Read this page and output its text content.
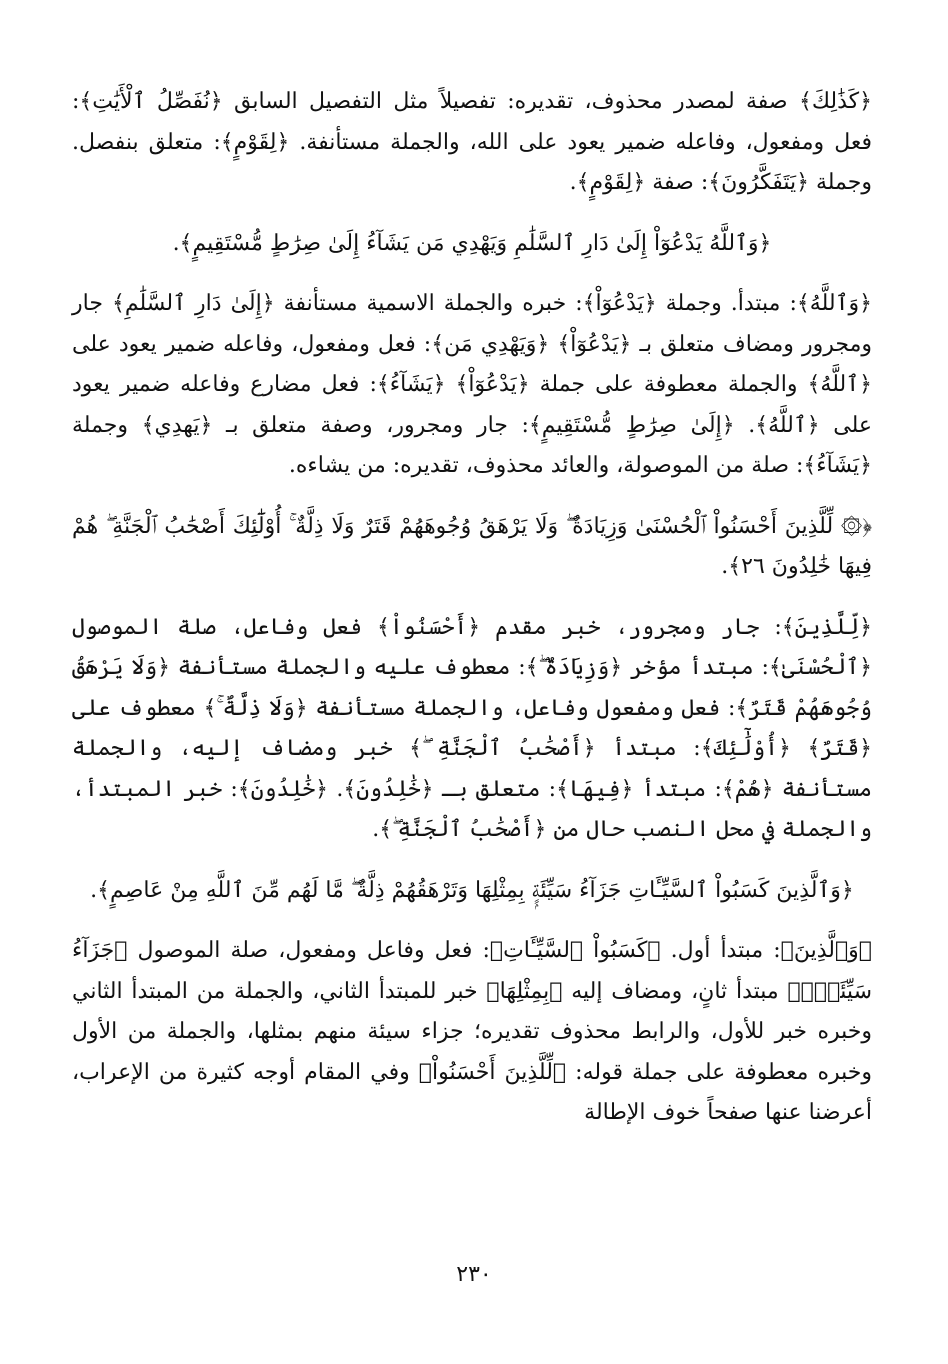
﴿كَذَٰلِكَ﴾ صفة لمصدر محذوف، تقديره: تفصيلاً مثل التفصيل السابق ﴿نُفَصِّلُ ٱلْأَيَٰتِ﴾: فعل ومفعول، وفاعله ضمير يعود على الله، والجملة مستأنفة. ﴿لِقَوْمٍ﴾: متعلق بنفصل. وجملة ﴿يَتَفَكَّرُونَ﴾: صفة ﴿لِقَوْمٍ﴾.

﴿وَٱللَّهُ يَدْعُوٓاْ إِلَىٰ دَارِ ٱلسَّلَٰمِ وَيَهْدِي مَن يَشَآءُ إِلَىٰ صِرَٰطٍ مُّسْتَقِيمٍ﴾.

﴿وَٱللَّهُ﴾: مبتدأ. وجملة ﴿يَدْعُوٓاْ﴾: خبره والجملة الاسمية مستأنفة ﴿إِلَىٰ دَارِ ٱلسَّلَٰمِ﴾ جار ومجرور ومضاف متعلق بـ ﴿يَدْعُوٓاْ﴾ ﴿وَيَهْدِي مَن﴾: فعل ومفعول، وفاعله ضمير يعود على ﴿ٱللَّهُ﴾ والجملة معطوفة على جملة ﴿يَدْعُوٓاْ﴾ ﴿يَشَآءُ﴾: فعل مضارع وفاعله ضمير يعود على ﴿ٱللَّهُ﴾. ﴿إِلَىٰ صِرَٰطٍ مُّسْتَقِيمٍ﴾: جار ومجرور، وصفة متعلق بـ ﴿يَهدِي﴾ وجملة ﴿يَشَآءُ﴾: صلة من الموصولة، والعائد محذوف، تقديره: من يشاءه.

﴿۞ لِّلَّذِينَ أَحْسَنُواْ ٱلْحُسْنَىٰ وَزِيَادَةٌ ۖ وَلَا يَرْهَقُ وُجُوهَهُمْ قَتَرٌ وَلَا ذِلَّةٌ ۚ أُوْلَٰٓئِكَ أَصْحَٰبُ ٱلْجَنَّةِ ۖ هُمْ فِيهَا خَٰلِدُونَ ٢٦﴾.

﴿لِّلَّذِينَ﴾: جار ومجرور، خبر مقدم ﴿أَحْسَنُواْ﴾ فعل وفاعل، صلة الموصول ﴿ٱلْحُسْنَىٰ﴾: مبتدأ مؤخر ﴿وَزِيَادَةٌ ۖ﴾: معطوف عليه والجملة مستأنفة ﴿وَلَا يَرْهَقُ وُجُوهَهُمْ قَتَرٌ﴾: فعل ومفعول وفاعل، والجملة مستأنفة ﴿وَلَا ذِلَّةٌ ۚ﴾ معطوف على ﴿قَتَرٌ﴾ ﴿أُوْلَٰٓئِكَ﴾: مبتدأ ﴿أَصْحَٰبُ ٱلْجَنَّةِ ۖ﴾ خبر ومضاف إليه، والجملة مستأنفة ﴿هُمْ﴾: مبتدأ ﴿فِيهَا﴾: متعلق بـ ﴿خَٰلِدُونَ﴾. ﴿خَٰلِدُونَ﴾: خبر المبتدأ، والجملة في محل النصب حال من ﴿أَصْحَٰبُ ٱلْجَنَّةِ ۖ﴾.

﴿وَٱلَّذِينَ كَسَبُواْ ٱلسَّيِّـَٔاتِ جَزَآءُ سَيِّئَةٍۭ بِمِثْلِهَا وَتَرْهَقُهُمْ ذِلَّةٌ ۖ مَّا لَهُم مِّنَ ٱللَّهِ مِنْ عَاصِمٍ﴾.

﴿وَٱلَّذِينَ﴾: مبتدأ أول. ﴿كَسَبُواْ ٱلسَّيِّـَٔاتِ﴾: فعل وفاعل ومفعول، صلة الموصول ﴿جَزَآءُ سَيِّئَةٍۭ﴾ مبتدأ ثانٍ، ومضاف إليه ﴿بِمِثْلِهَا﴾ خبر للمبتدأ الثاني، والجملة من المبتدأ الثاني وخبره خبر للأول، والرابط محذوف تقديره؛ جزاء سيئة منهم بمثلها، والجملة من الأول وخبره معطوفة على جملة قوله: ﴿لِّلَّذِينَ أَحْسَنُواْ﴾ وفي المقام أوجه كثيرة من الإعراب، أعرضنا عنها صفحاً خوف الإطالة

٢٣٠
